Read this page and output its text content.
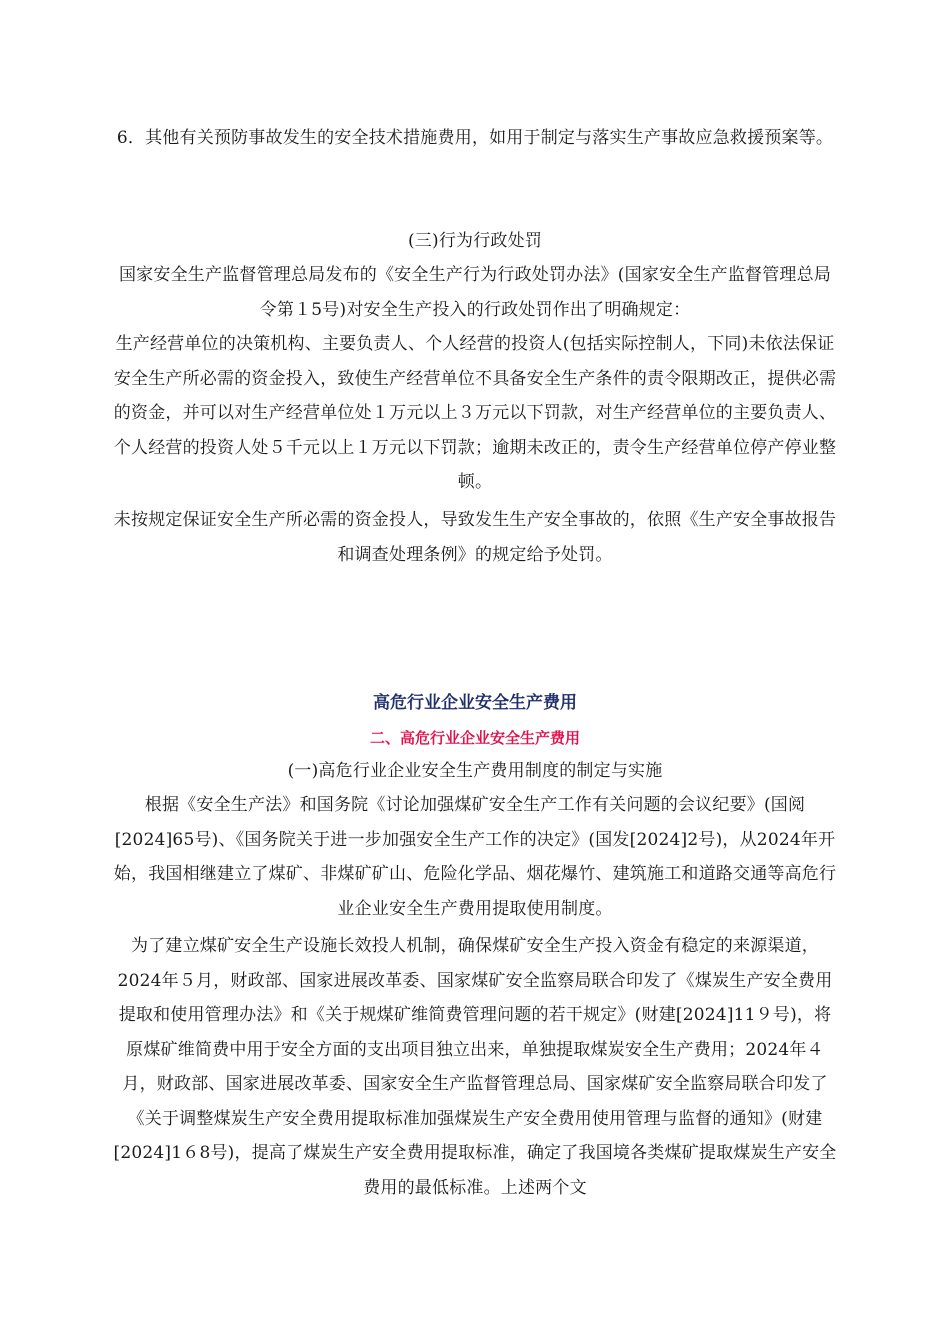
6．其他有关预防事故发生的安全技术措施费用，如用于制定与落实生产事故应急救援预案等。

(三)行为行政处罚

国家安全生产监督管理总局发布的《安全生产行为行政处罚办法》(国家安全生产监督管理总局令第１5号)对安全生产投入的行政处罚作出了明确规定：

生产经营单位的决策机构、主要负责人、个人经营的投资人(包括实际控制人，下同)未依法保证安全生产所必需的资金投入，致使生产经营单位不具备安全生产条件的责令限期改正，提供必需的资金，并可以对生产经营单位处１万元以上３万元以下罚款，对生产经营单位的主要负责人、个人经营的投资人处５千元以上１万元以下罚款；逾期未改正的，责令生产经营单位停产停业整顿。

未按规定保证安全生产所必需的资金投人，导致发生生产安全事故的，依照《生产安全事故报告和调查处理条例》的规定给予处罚。

高危行业企业安全生产费用
二、高危行业企业安全生产费用

(一)高危行业企业安全生产费用制度的制定与实施

根据《安全生产法》和国务院《讨论加强煤矿安全生产工作有关问题的会议纪要》(国阅[2024]65号)、《国务院关于进一步加强安全生产工作的决定》(国发[2024]2号)，从2024年开始，我国相继建立了煤矿、非煤矿矿山、危险化学品、烟花爆竹、建筑施工和道路交通等高危行业企业安全生产费用提取使用制度。

为了建立煤矿安全生产设施长效投人机制，确保煤矿安全生产投入资金有稳定的来源渠道，2024年５月，财政部、国家进展改革委、国家煤矿安全监察局联合印发了《煤炭生产安全费用提取和使用管理办法》和《关于规煤矿维简费管理问题的若干规定》(财建[2024]11９号)，将原煤矿维简费中用于安全方面的支出项目独立出来，单独提取煤炭安全生产费用；2024年４月，财政部、国家进展改革委、国家安全生产监督管理总局、国家煤矿安全监察局联合印发了《关于调整煤炭生产安全费用提取标准加强煤炭生产安全费用使用管理与监督的通知》(财建[2024]1６8号)，提高了煤炭生产安全费用提取标准，确定了我国境各类煤矿提取煤炭生产安全费用的最低标准。上述两个文
